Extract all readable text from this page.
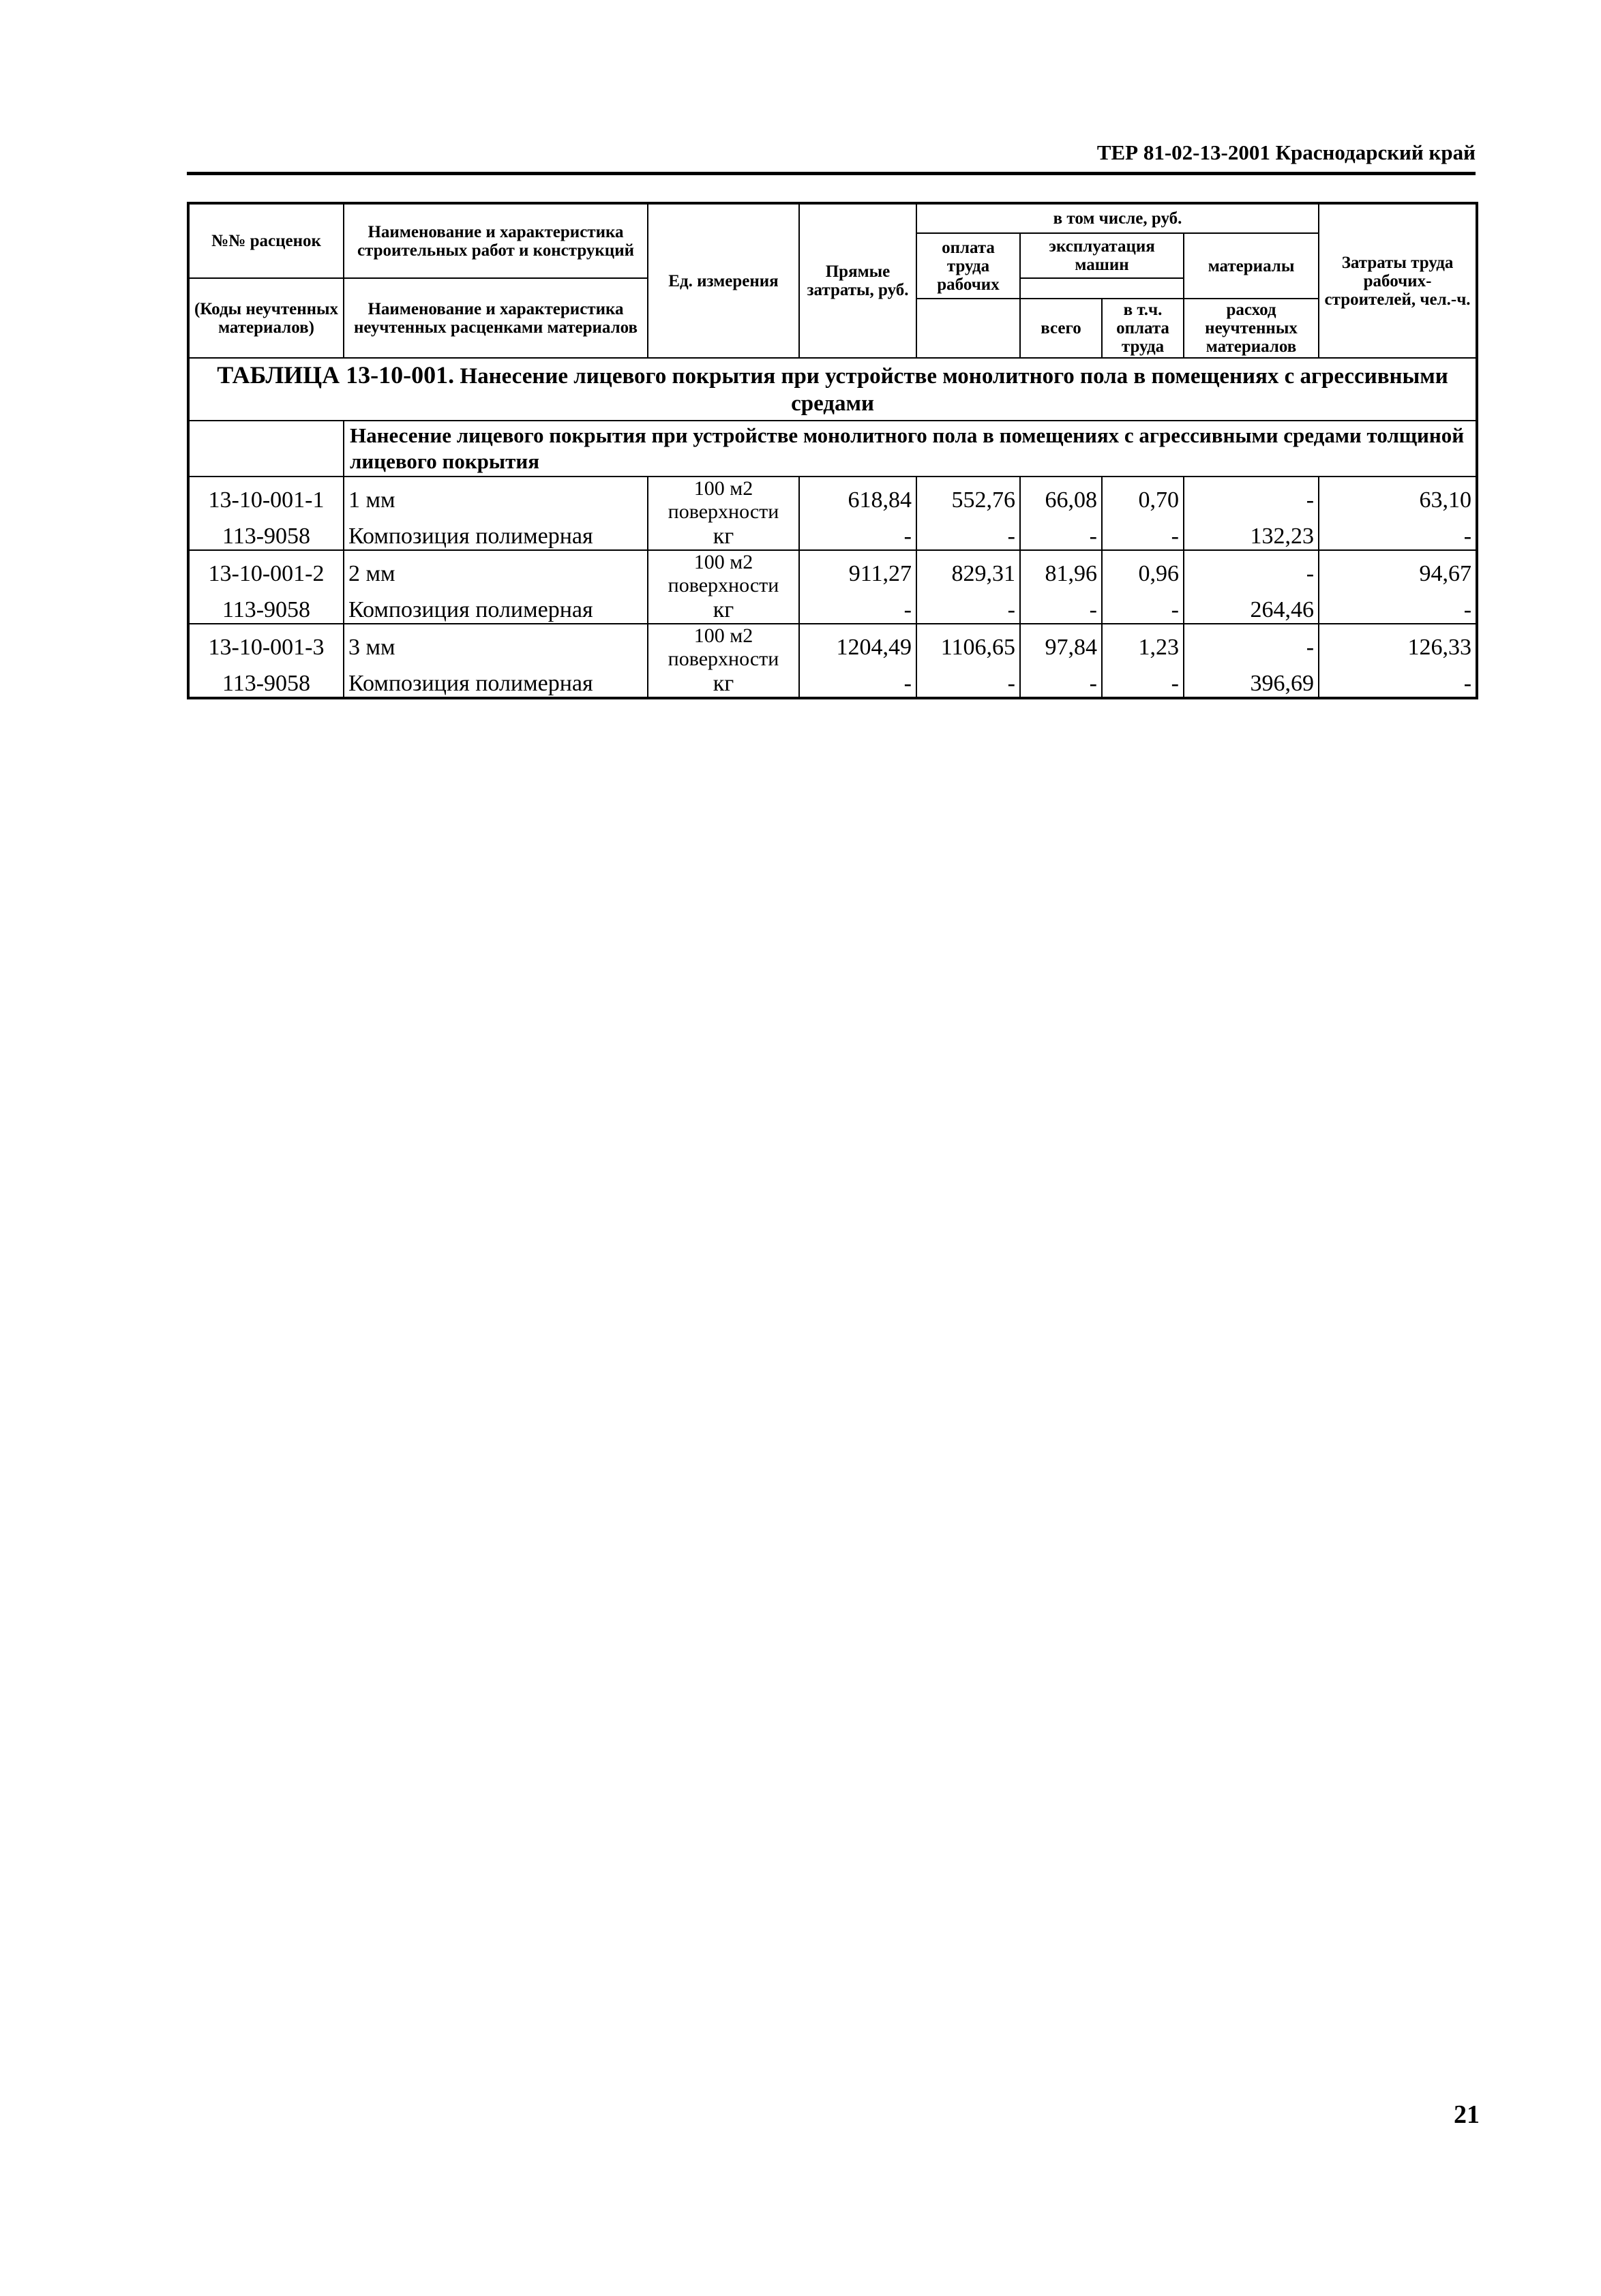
ТЕР 81-02-13-2001 Краснодарский край
№№ расценок	Наименование и характеристика строительных работ и конструкций	Ед. измерения	Прямые затраты, руб.	в том числе, руб.				Затраты труда рабочих-строителей, чел.-ч.
				оплата труда рабочих	эксплуатация машин		материалы	

(Коды неучтенных материалов)	Наименование и характеристика неучтенных расценками материалов							
					всего	в т.ч. оплата труда	расход неучтенных материалов	

ТАБЛИЦА 13-10-001. Нанесение лицевого покрытия при устройстве монолитного пола в помещениях с агрессивными средами								
	Нанесение лицевого покрытия при устройстве монолитного пола в помещениях с агрессивными средами толщиной лицевого покрытия							
13-10-001-1	1 мм	100 м2 поверхности	618,84	552,76	66,08	0,70	-	63,10
113-9058	Композиция полимерная	кг	-	-	-	-	132,23	-
13-10-001-2	2 мм	100 м2 поверхности	911,27	829,31	81,96	0,96	-	94,67
113-9058	Композиция полимерная	кг	-	-	-	-	264,46	-
13-10-001-3	3 мм	100 м2 поверхности	1204,49	1106,65	97,84	1,23	-	126,33
113-9058	Композиция полимерная	кг	-	-	-	-	396,69	-
21
